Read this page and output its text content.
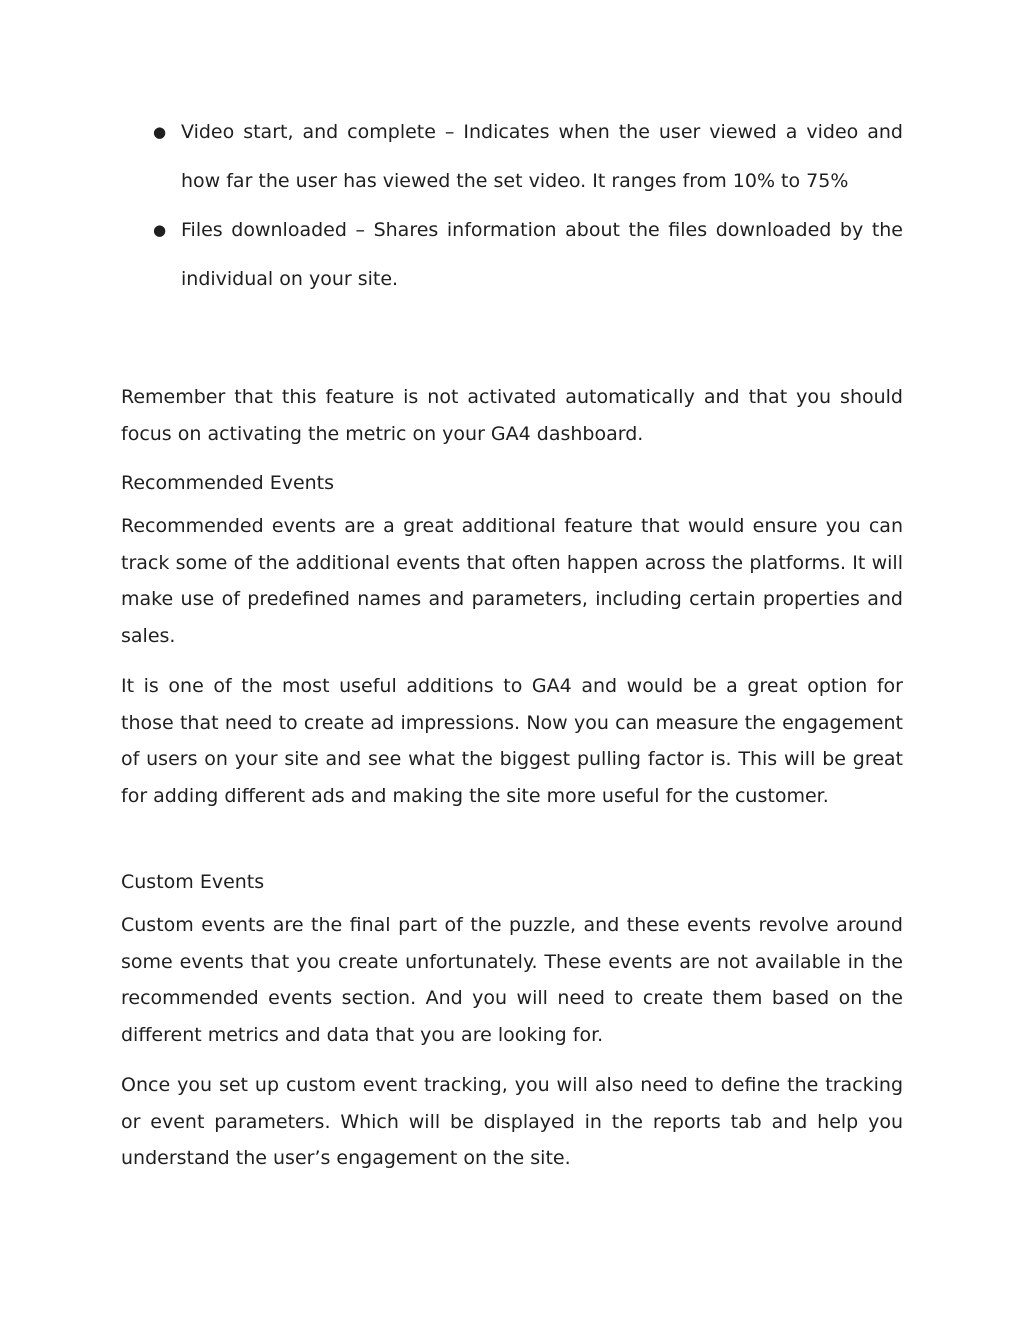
● Video start, and complete – Indicates when the user viewed a video and how far the user has viewed the set video. It ranges from 10% to 75%
● Files downloaded – Shares information about the files downloaded by the individual on your site.

Remember that this feature is not activated automatically and that you should focus on activating the metric on your GA4 dashboard.

Recommended Events

Recommended events are a great additional feature that would ensure you can track some of the additional events that often happen across the platforms. It will make use of predefined names and parameters, including certain properties and sales.

It is one of the most useful additions to GA4 and would be a great option for those that need to create ad impressions. Now you can measure the engagement of users on your site and see what the biggest pulling factor is. This will be great for adding different ads and making the site more useful for the customer.

Custom Events

Custom events are the final part of the puzzle, and these events revolve around some events that you create unfortunately. These events are not available in the recommended events section. And you will need to create them based on the different metrics and data that you are looking for.

Once you set up custom event tracking, you will also need to define the tracking or event parameters. Which will be displayed in the reports tab and help you understand the user’s engagement on the site.
